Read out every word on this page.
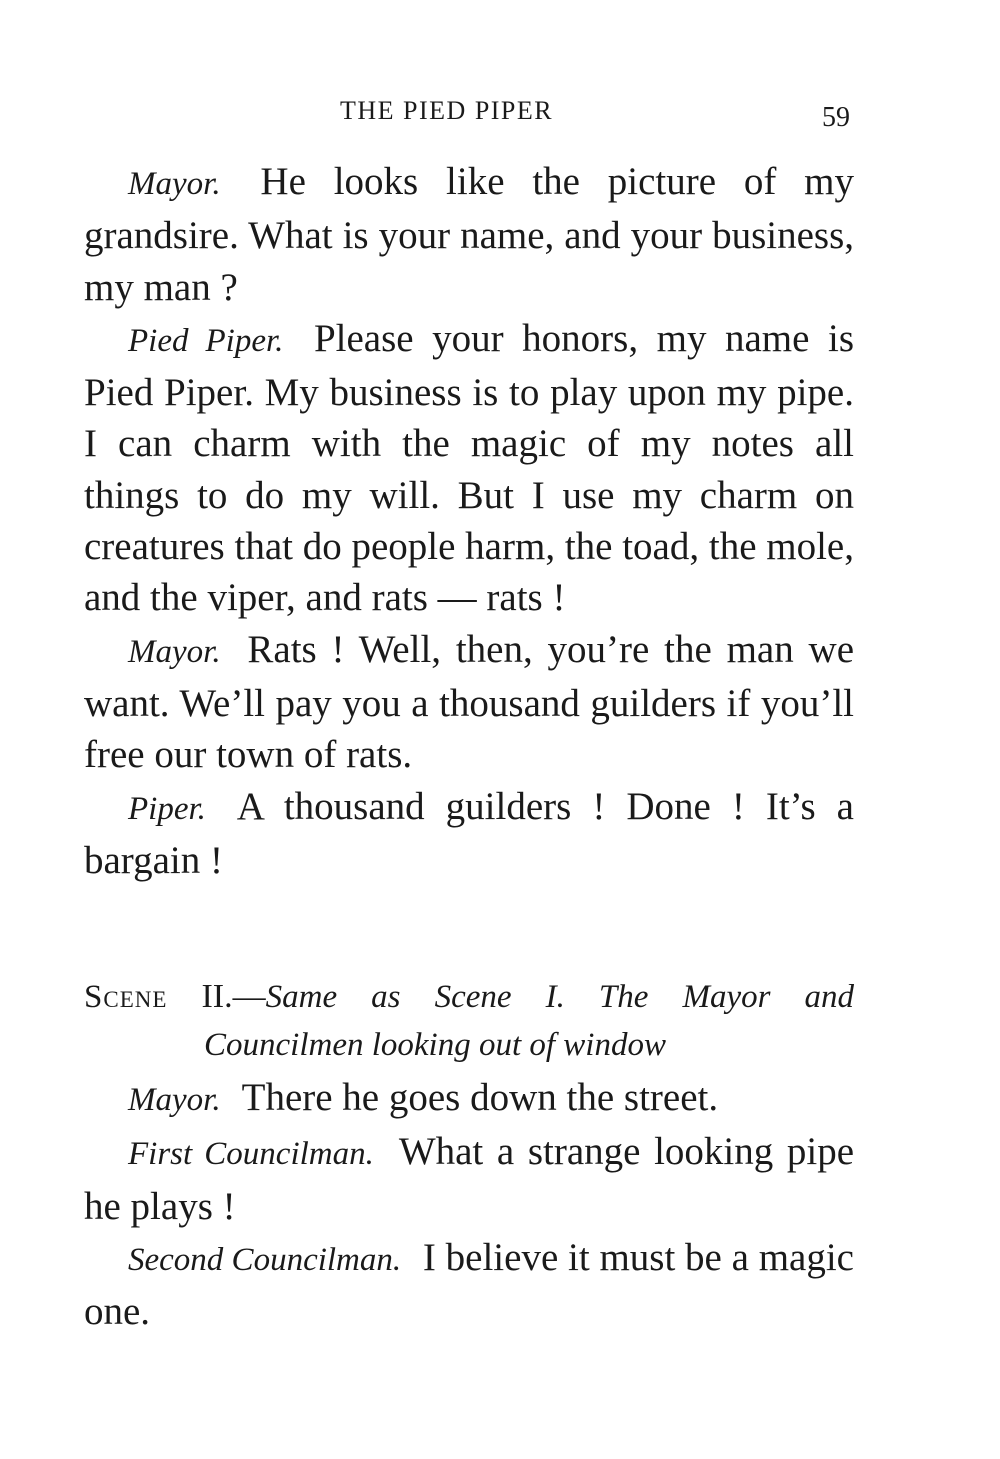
THE PIED PIPER	59

Mayor. He looks like the picture of my grandsire. What is your name, and your business, my man ?

Pied Piper. Please your honors, my name is Pied Piper. My business is to play upon my pipe. I can charm with the magic of my notes all things to do my will. But I use my charm on creatures that do people harm, the toad, the mole, and the viper, and rats — rats !

Mayor. Rats ! Well, then, you’re the man we want. We’ll pay you a thousand guilders if you’ll free our town of rats.

Piper. A thousand guilders ! Done ! It’s a bargain !

Scene II.—Same as Scene I. The Mayor and
Councilmen looking out of window

Mayor. There he goes down the street.

First Councilman. What a strange looking pipe he plays !

Second Councilman. I believe it must be a magic one.
